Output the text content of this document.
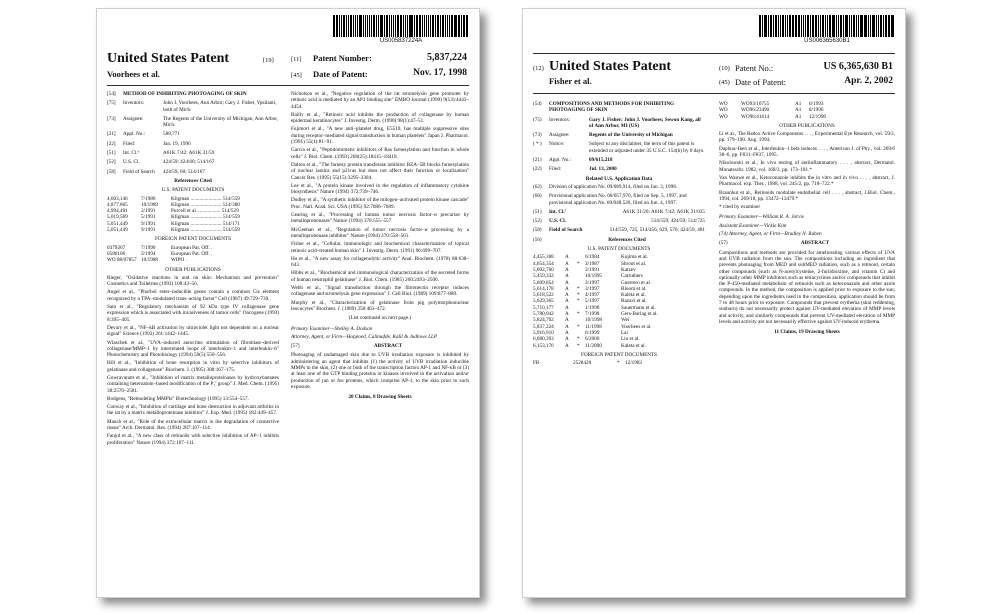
US005837224A
United States Patent	[19]
Voorhees et al.
[11] Patent Number:	5,837,224
[45] Date of Patent:	Nov. 17, 1998
[54]	METHOD OF INHIBITING PHOTOAGING OF SKIN
[75]	Inventors:	John J. Voorhees, Ann Arbor; Gary J. Fisher, Ypsilanti, both of Mich.
[73]	Assignee:	The Regents of the University of Michigan, Ann Arbor, Mich.
[21]	Appl. No.:	588,771
[22]	Filed:	Jan. 19, 1996
[51]	Int. Cl.⁶	A61K 7/42; A61K 31/59
[52]	U.S. Cl.	424/59; 424/60; 514/167
[58]	Field of Search	424/59, 60; 514/167
References Cited
U.S. PATENT DOCUMENTS
4,603,146	7/1986	Kligman ........................ 514/559
4,877,805	10/1989	Kligman ........................ 514/380
4,994,491	2/1991	Purcell et al. ................. 514/529
5,019,569	5/1991	Kligman ........................ 514/559
5,051,449	9/1991	Kligman ........................ 514/171
5,051,449	9/1991	Kligman ........................ 514/559
FOREIGN PATENT DOCUMENTS
0379367	7/1990	European Pat. Off. .
0586106	3/1994	European Pat. Off. .
WO 88/07857 10/1988	WIPO .
OTHER PUBLICATIONS
Rieger, "Oxidative reactions in and on skin: Mechanism and prevention" Cosmetics and Toiletries (1993) 108:43–56.
Angel et al., "Phorbol ester–inducible genes contain a common Cis element recognized by a TPA–modulated trans–acting factor" Cell (1987) 49:729–739.
Sato et al., "Regulatory mechanism of 92 kDa type IV collagenase gene expression which is associated with invasiveness of tumor cells" Oncogene (1993) 8:395–405.
Devary et al., "NF–kB activation by ultraviolet light not dependent on a nuclear signal" Science (1993) 261:1442–1445.
Wlaschek et al., "UVA–induced autocrine stimulation of fibroblast–derived collagenase/MMP–1 by interrelated loops of interleukin–1 and interleukin–6" Photochemistry and Photobiology (1994) 59(5):550–556.
Hill et al., "Inhibition of bone resorption in vitro by selective inhibitors of gelatinase and collagenase" Biochem. J. (1995) 308:167–175.
Gowravaram et al., "Inhibition of matrix metalloproteinases by hydroxybamates containing heteroatom–based modification of the P₁′ group" J. Med. Chem. (1995) 38:2570–2581.
Bodgens, "Remodeling MMPIs" Biotechnology (1995) 13:554–557.
Conway et al., "Inhibition of cartilage and bone destruction in adjuvant arthritis in the rat by a matrix metalloproteinase inhibitor" J. Exp. Med. (1995) 182:449–457.
Mauch et al., "Role of the extracellular matrix in the degradation of connective tissue" Arch. Dermatol. Res. (1994) 287:107–114.
Fanjul et al., "A new class of retinoids with selective inhibition of AP–1 inhibits proliferation" Nature (1994) 372:107–111.
Nicholson et al., "Negative regulation of the rat stromelysin gene promoter by retinoic acid is mediated by an AP1 binding site" EMBO Journal (1990) 9(13):4443–4454.
Bailly et al., "Retinoic acid inhibits the production of collagenase by human epidermal keratinocytes" J. Investig. Derm. (1990) 98(1):47–51.
Fujimori et al., "A new anti–platelet drug, E5510, has multiple suppressive sites during receptor–mediated signal transduction in human platelets" Japan J. Pharmacol. (1991) 55(1):81–91.
Garcia et al., "Peptidomimetic inhibitors of Ras farnesylation and function in whole cells" J. Biol. Chem. (1993) 268(25):18415–18418.
Dalton et al., "The farnesy protein transferase inhibitor BZA–5B blocks farnesylation of nuclear lamins and p21ras but does not affect their function or localization" Cancer Res. (1995) 55(15):3295–3304.
Lee et al., "A protein kinase involved in the regulation of inflammatory cytokine biosynthesis" Nature (1994) 372:739–746.
Dudley et al., "A synthetic inhibitor of the mitogen–activated protein kinase cascade" Proc. Natl. Acad. Sci. USA (1995) 92:7686–7689.
Gearing et al., "Processing of human tumor necrosis factor–α precursor by metalloproteinases" Nature (1994) 370:555–557.
McGeehan et al., "Regulation of tumor necrosis factor–α processing by a metalloproteinase inhibitor" Nature (1994) 370:558–561.
Fisher et al., "Cellular, immunologic and biochemical characterization of topical retinoic acid–treated human skin" J. Investig. Derm. (1991) 96:699–707.
Hu et al., "A new assay for collagenolytic activity" Anal. Biochem. (1978) 88:638–643.
Hibbs et al., "Biochemical and immunological characterization of the secreted forms of human neutrophil gelatinase" J. Biol. Chem. (1985) 260:2493–2500.
Webb et al., "Signal transduction through the fibronectin receptor induces collagenase and stromelysin gene expression" J. Cell Biol. (1989) 109:877–889.
Murphy et al., "Characterization of gelatinase from pig polymorphonuclear leucocytes" Biochem. J. (1989) 258:463–472.
(List continued on next page.)
Primary Examiner—Shelley A. Dodson
Attorney, Agent, or Firm—Hoppoed, Calimafde, Kalil & Judlowe LLP
[57]	ABSTRACT
Photoaging of undamaged skin due to UVB irradiation exposure is inhibited by administering an agent that inhibits (1) the activity of UVB irradiation inducible MMPs in the skin, (2) one or both of the transcription factors AP-1 and NF-κB or (3) at least one of the GTP binding proteins or kinases involved in the activation and/or production of jun or fos proteins, which comprise AP-1, to the skin prior to such exposure.
20 Claims, 8 Drawing Sheets
US006365630B1
(12) United States Patent
Fisher et al.
(10) Patent No.:	US 6,365,630 B1
(45) Date of Patent:	Apr. 2, 2002
(54)	COMPOSITIONS AND METHODS FOR INHIBITING PHOTOAGING OF SKIN
(75)	Inventors:	Gary J. Fisher; John J. Voorhees; Sewon Kang, all of Ann Arbor, MI (US)
(73)	Assignee:	Regents of the University of Michigan
( * )	Notice:	Subject to any disclaimer, the term of this patent is extended or adjusted under 35 U.S.C. 154(b) by 0 days.
(21)	Appl. No.:	09/615,218
(22)	Filed:	Jul. 13, 2000
Related U.S. Application Data
(62)	Division of application No. 09/089,914, filed on Jun. 3, 1998.
(60)	Provisional application No. 60/057,976, filed on Sep. 5, 1997, and provisional application No. 60/048,520, filed on Jun. 4, 1997.
(51)	Int. Cl.⁷	A61K 31/20; A61K 7/42; A61K 31/035
(52)	U.S. Cl.	514/559; 424/59; 514/725
(58)	Field of Search	514/559, 725, 514/456, 629, 576; 424/59, 401
(56)	References Cited
U.S. PATENT DOCUMENTS
4,455,368	A	6/1984	Kojima et al.
4,654,354	A	*	3/1987	Shroot et al.
5,002,760	A	3/1991	Katzev
5,459,332	A	10/1995	Carruthers
5,609,854	A	3/1997	Guerrero et al.
5,614,178	A	*	3/1997	Bloom et al.
5,618,522	A	*	4/1997	Kaleta et al.
5,629,365	A	*	5/1997	Razavi et al.
5,710,177	A	1/1998	Sauermann et al.
5,780,042	A	*	7/1998	Gers-Barlag et al.
5,824,702	A	10/1998	Wei
5,837,224	A	*	11/1998	Voorhees et al.
5,916,910	A	6/1999	Lai
6,080,393	A	*	6/2000	Liu et al.
6,153,176	A	*	11/2000	Kaleta et al.
FOREIGN PATENT DOCUMENTS
FR	2528420	*	12/1983
WO	WO93/10755	A1	6/1993
WO	WO96/23490	A1	8/1996
WO	WO96/41614	A1	12/1996
OTHER PUBLICATIONS
Li et al., The Redox Active Components . . . , Experimental Eye Research, vol. 59/2, pp. 179–190. Aug. 1994.
Daphna–Iken et al., Interleukin–1 beta induces . . . , American J. of Phy., vol. 269/6 38–6, pp. F831–F837, 1995.
Nikolowski et al., In vivo testing of antiinflammatory . . . , abstract, Dermatol. Monatsschr. 1982, vol. 168/3, pp. 173–181.*
Van Wauwe et al., Ketoconazole inhibits the in vitro and in vivo . . . , abstract, J. Pharmacol. exp. Ther., 1988, vol. 245/2, pp. 718–722.*
Braunhut et al., Retinoids modulate endothelial cell . . . , abstract, J.Biol. Chem., 1994, col. 269/18, pp. 13472–13479.*
* cited by examiner
Primary Examiner—William R. A. Jarvis
Assistant Examiner—Vickie Kim
(74) Attorney, Agent, or Firm—Bradley N. Ruben
(57)	ABSTRACT
Compositions and methods are provided for ameliorating various effects of UVA and UVB radiation from the sun. The compositions including an ingredient that prevents photoaging from MED and subMED radiation, such as a retinoid, certain other compounds (such as N-acetylcysteine, 2-furildioxime, and vitamin C) and optionally other MMP inhibitors such as tetracyclines and/or compounds that inhibit the P-450-mediated metabolism of retinoids such as ketoconazole and other azole compounds. In the method, the composition is applied prior to exposure to the sun; depending upon the ingredients used in the composition, application should be from 7 to 48 hours prior to exposure. Compounds that prevent erythema (skin reddening, sunburn) do not necessarily protect against UV-mediated elevation of MMP levels and activity, and similarly compounds that prevent UV-mediated elevation of MMP levels and activity are not necessarily effective against UV-induced erythema.
11 Claims, 19 Drawing Sheets
